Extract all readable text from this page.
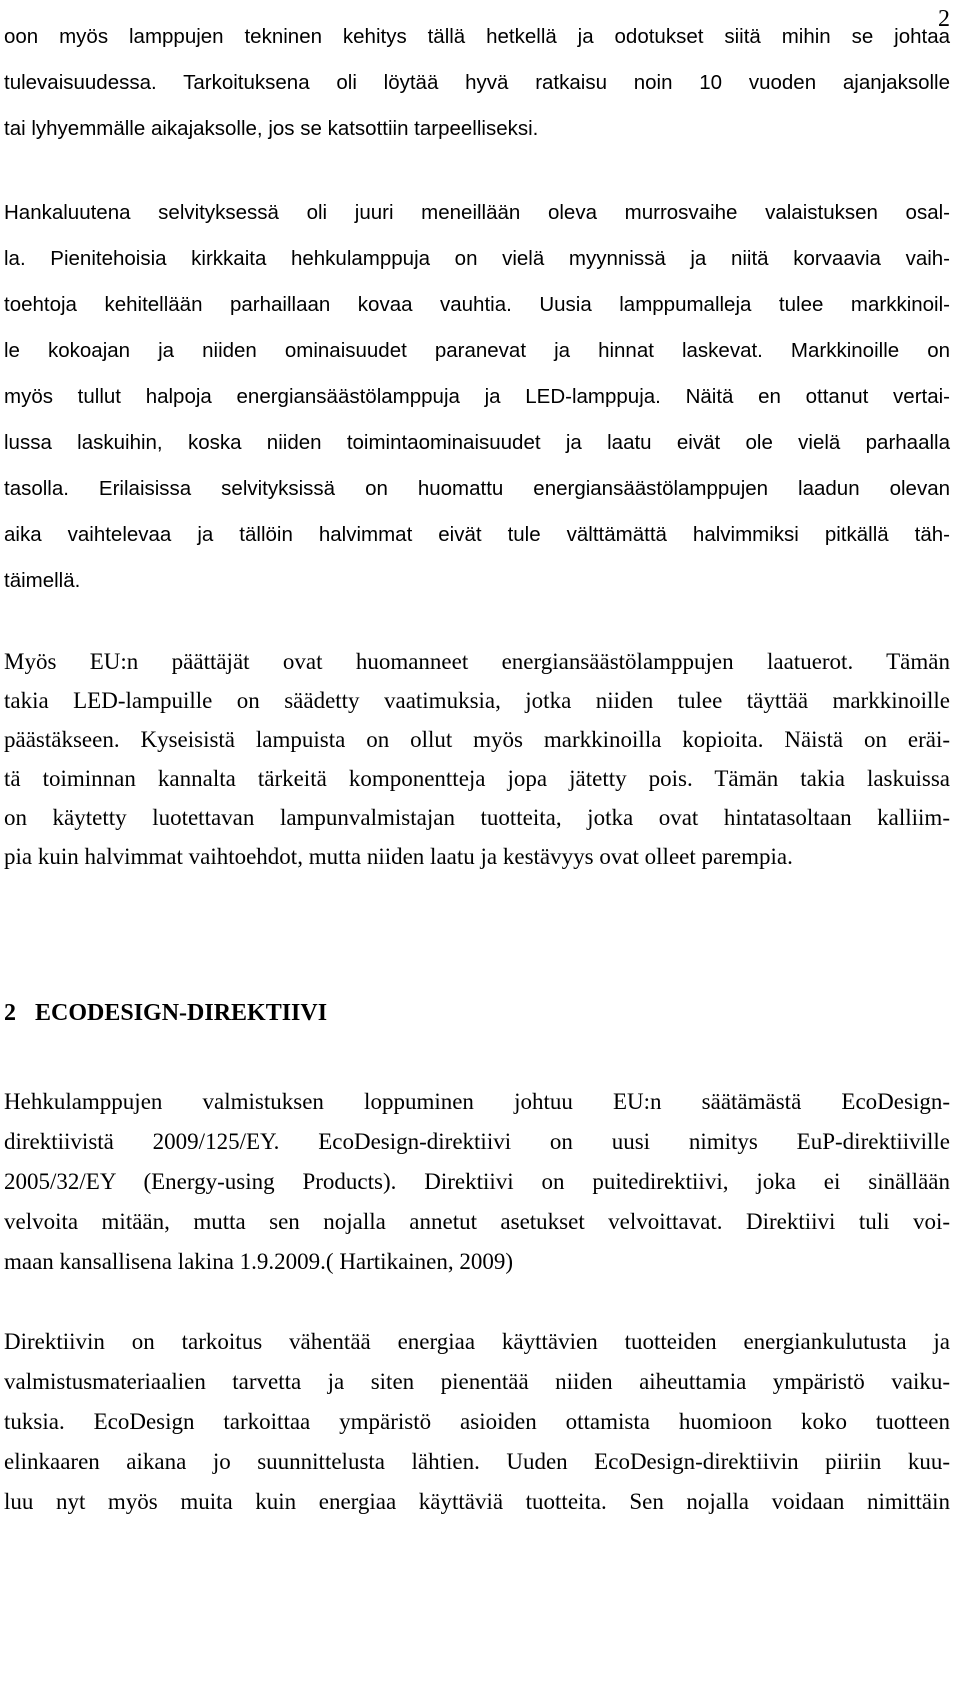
2
oon myös lamppujen tekninen kehitys tällä hetkellä ja odotukset siitä mihin se johtaa
tulevaisuudessa. Tarkoituksena oli löytää hyvä ratkaisu noin 10 vuoden ajanjaksolle
tai lyhyemmälle aikajaksolle, jos se katsottiin tarpeelliseksi.
Hankaluutena selvityksessä oli juuri meneillään oleva murrosvaihe valaistuksen osal-
la. Pienitehoisia kirkkaita hehkulamppuja on vielä myynnissä ja niitä korvaavia vaih-
toehtoja kehitellään parhaillaan kovaa vauhtia. Uusia lamppumalleja tulee markkinoil-
le kokoajan ja niiden ominaisuudet paranevat ja hinnat laskevat. Markkinoille on
myös tullut halpoja energiansäästölamppuja ja LED-lamppuja. Näitä en ottanut vertai-
lussa laskuihin, koska niiden toimintaominaisuudet ja laatu eivät ole vielä parhaalla
tasolla. Erilaisissa selvityksissä on huomattu energiansäästölamppujen laadun olevan
aika vaihtelevaa ja tällöin halvimmat eivät tule välttämättä halvimmiksi pitkällä täh-
täimellä.
Myös EU:n päättäjät ovat huomanneet energiansäästölamppujen laatuerot. Tämän
takia LED-lampuille on säädetty vaatimuksia, jotka niiden tulee täyttää markkinoille
päästäkseen. Kyseisistä lampuista on ollut myös markkinoilla kopioita. Näistä on eräi-
tä toiminnan kannalta tärkeitä komponentteja jopa jätetty pois. Tämän takia laskuissa
on käytetty luotettavan lampunvalmistajan tuotteita, jotka ovat hintatasoltaan kalliim-
pia kuin halvimmat vaihtoehdot, mutta niiden laatu ja kestävyys ovat olleet parempia.
2 ECODESIGN-DIREKTIIVI
Hehkulamppujen valmistuksen loppuminen johtuu EU:n säätämästä EcoDesign-
direktiivistä 2009/125/EY. EcoDesign-direktiivi on uusi nimitys EuP-direktiiville
2005/32/EY (Energy-using Products). Direktiivi on puitedirektiivi, joka ei sinällään
velvoita mitään, mutta sen nojalla annetut asetukset velvoittavat. Direktiivi tuli voi-
maan kansallisena lakina 1.9.2009.( Hartikainen, 2009)
Direktiivin on tarkoitus vähentää energiaa käyttävien tuotteiden energiankulutusta ja
valmistusmateriaalien tarvetta ja siten pienentää niiden aiheuttamia ympäristö vaiku-
tuksia. EcoDesign tarkoittaa ympäristö asioiden ottamista huomioon koko tuotteen
elinkaaren aikana jo suunnittelusta lähtien. Uuden EcoDesign-direktiivin piiriin kuu-
luu nyt myös muita kuin energiaa käyttäviä tuotteita. Sen nojalla voidaan nimittäin
